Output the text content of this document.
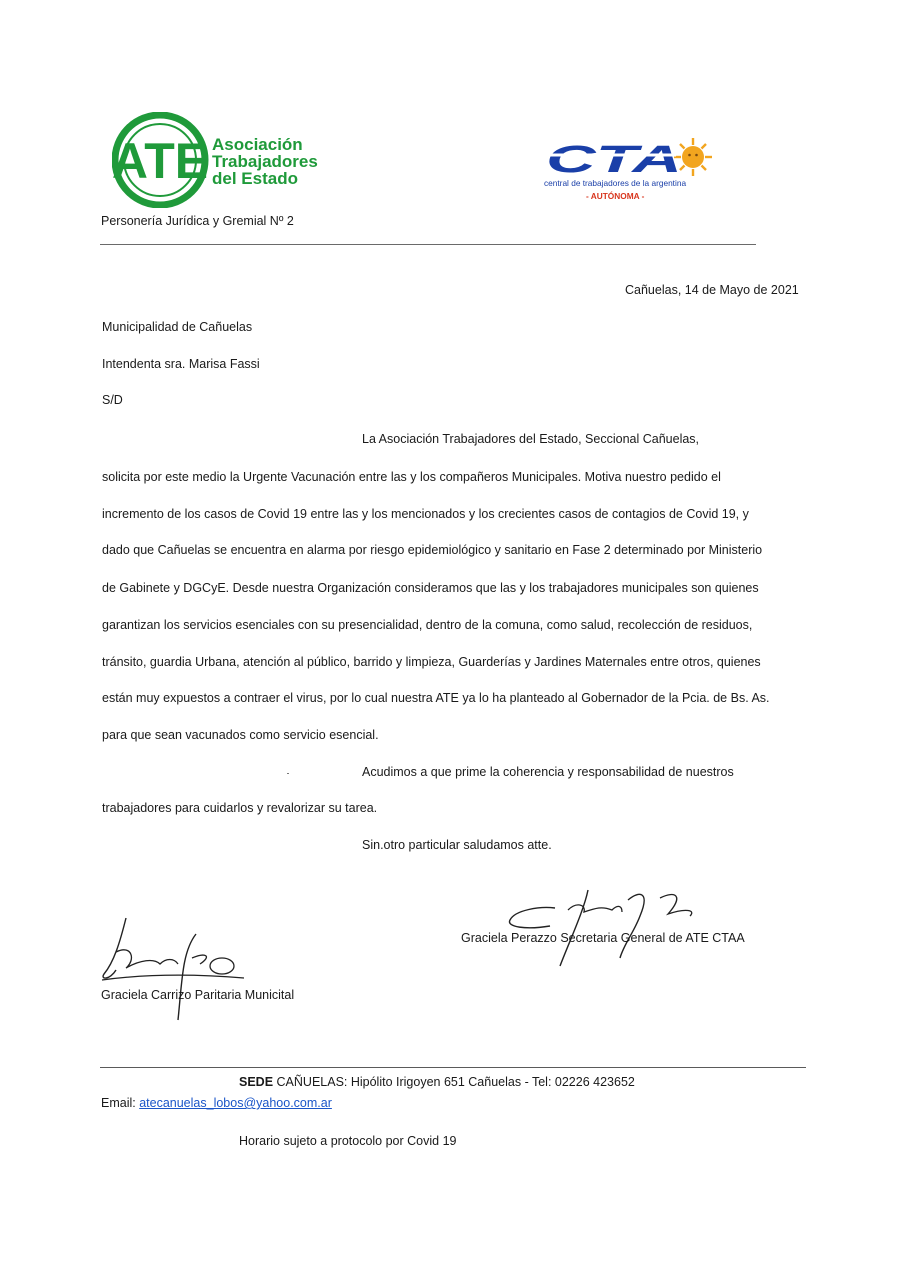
ATE Asociación
Trabajadores
del Estado	CTA
central de trabajadores de la argentina
- AUTÓNOMA -
Personería Jurídica y Gremial Nº 2
Cañuelas, 14 de Mayo de 2021
Municipalidad de Cañuelas
Intendenta sra. Marisa Fassi
S/D
La Asociación Trabajadores del Estado, Seccional Cañuelas,
solicita por este medio la Urgente Vacunación entre las y los compañeros Municipales. Motiva nuestro pedido el
incremento de los casos de Covid 19 entre las y los mencionados y los crecientes casos de contagios de Covid 19, y
dado que Cañuelas se encuentra en alarma por riesgo epidemiológico y sanitario en Fase 2 determinado por Ministerio
de Gabinete y DGCyE. Desde nuestra Organización consideramos que las y los trabajadores municipales son quienes
garantizan los servicios esenciales con su presencialidad, dentro de la comuna, como salud, recolección de residuos,
tránsito, guardia Urbana, atención al público, barrido y limpieza, Guarderías y Jardines Maternales entre otros, quienes
están muy expuestos a contraer el virus, por lo cual nuestra ATE ya lo ha planteado al Gobernador de la Pcia. de Bs. As.
para que sean vacunados como servicio esencial.
Acudimos a que prime la coherencia y responsabilidad de nuestros
trabajadores para cuidarlos y revalorizar su tarea.
Sin.otro particular saludamos atte.
Graciela Perazzo Secretaria General de ATE CTAA
Graciela Carrizo Paritaria Municital
SEDE CAÑUELAS: Hipólito Irigoyen 651 Cañuelas - Tel: 02226 423652
Email: atecanuelas_lobos@yahoo.com.ar
Horario sujeto a protocolo por Covid 19
